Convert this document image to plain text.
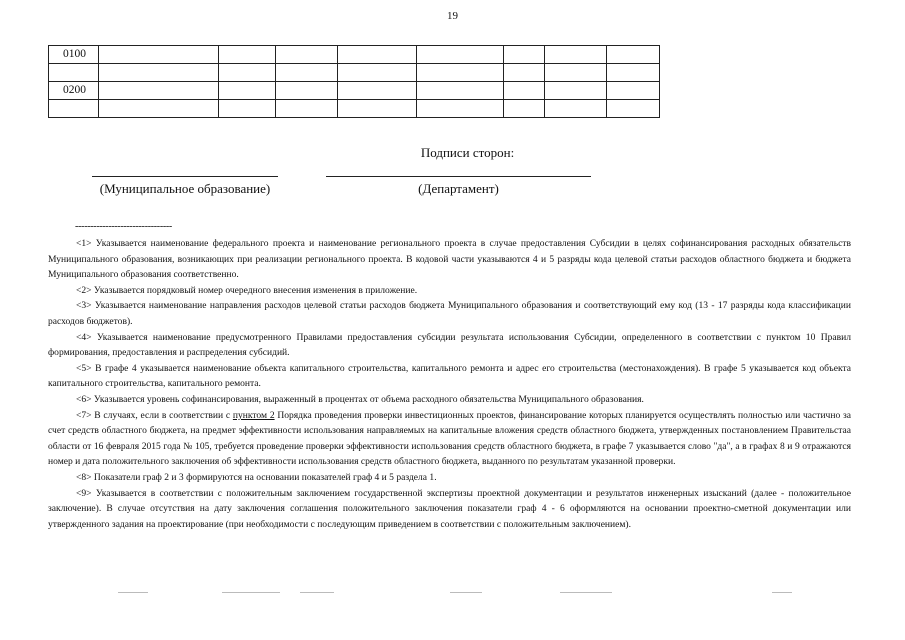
19
0100								

0200								

Подписи сторон:
(Муниципальное образование)	(Департамент)
--------------------------------

<1> Указывается наименование федерального проекта и наименование регионального проекта в случае предоставления Субсидии в целях софинансирования расходных обязательств Муниципального образования, возникающих при реализации регионального проекта. В кодовой части указываются 4 и 5 разряды кода целевой статьи расходов областного бюджета и бюджета Муниципального образования соответственно.

<2> Указывается порядковый номер очередного внесения изменения в приложение.

<3> Указывается наименование направления расходов целевой статьи расходов бюджета Муниципального образования и соответствующий ему код (13 - 17 разряды кода классификации расходов бюджетов).

<4> Указывается наименование предусмотренного Правилами предоставления субсидии результата использования Субсидии, определенного в соответствии с пунктом 10 Правил формирования, предоставления и распределения субсидий.

<5> В графе 4 указывается наименование объекта капитального строительства, капитального ремонта и адрес его строительства (местонахождения). В графе 5 указывается код объекта капитального строительства, капитального ремонта.

<6> Указывается уровень софинансирования, выраженный в процентах от объема расходного обязательства Муниципального образования.

<7> В случаях, если в соответствии с пунктом 2 Порядка проведения проверки инвестиционных проектов, финансирование которых планируется осуществлять полностью или частично за счет средств областного бюджета, на предмет эффективности использования направляемых на капитальные вложения средств областного бюджета, утвержденных постановлением Правительстаа области от 16 февраля 2015 года № 105, требуется проведение проверки эффективности использования средств областного бюджета, в графе 7 указывается слово "да", а в графах 8 и 9 отражаются номер и дата положительного заключения об эффективности использования средств областного бюджета, выданного по результатам указанной проверки.

<8> Показатели граф 2 и 3 формируются на основании показателей граф 4 и 5 раздела 1.

<9> Указывается в соответствии с положительным заключением государственной экспертизы проектной документации и результатов инженерных изысканий (далее - положительное заключение). В случае отсутствия на дату заключения соглашения положительного заключения показатели граф 4 - 6 оформляются на основании проектно-сметной документации или утвержденного задания на проектирование (при необходимости с последующим приведением в соответствии с положительным заключением).
